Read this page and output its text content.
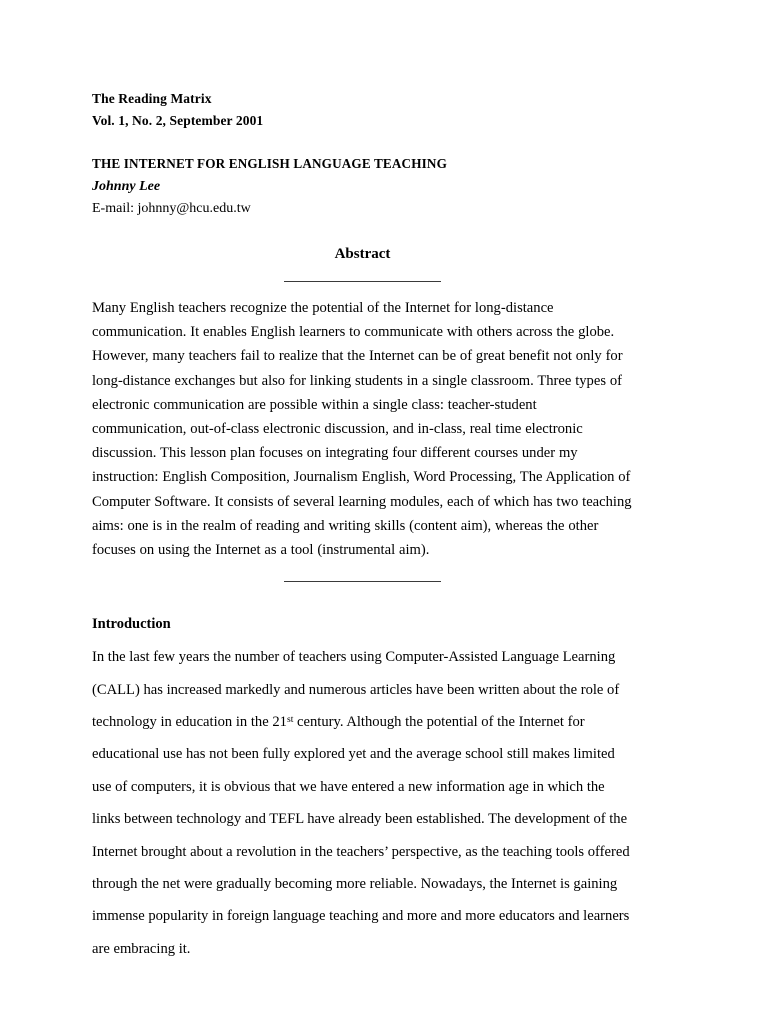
The Reading Matrix

Vol. 1, No. 2, September 2001

THE INTERNET FOR ENGLISH LANGUAGE TEACHING

Johnny Lee

E-mail: johnny@hcu.edu.tw

Abstract

Many English teachers recognize the potential of the Internet for long-distance communication. It enables English learners to communicate with others across the globe. However, many teachers fail to realize that the Internet can be of great benefit not only for long-distance exchanges but also for linking students in a single classroom. Three types of electronic communication are possible within a single class: teacher-student communication, out-of-class electronic discussion, and in-class, real time electronic discussion. This lesson plan focuses on integrating four different courses under my instruction: English Composition, Journalism English, Word Processing, The Application of Computer Software. It consists of several learning modules, each of which has two teaching aims: one is in the realm of reading and writing skills (content aim), whereas the other focuses on using the Internet as a tool (instrumental aim).

Introduction

In the last few years the number of teachers using Computer-Assisted Language Learning (CALL) has increased markedly and numerous articles have been written about the role of technology in education in the 21st century. Although the potential of the Internet for educational use has not been fully explored yet and the average school still makes limited use of computers, it is obvious that we have entered a new information age in which the links between technology and TEFL have already been established. The development of the Internet brought about a revolution in the teachers’ perspective, as the teaching tools offered through the net were gradually becoming more reliable. Nowadays, the Internet is gaining immense popularity in foreign language teaching and more and more educators and learners are embracing it.
